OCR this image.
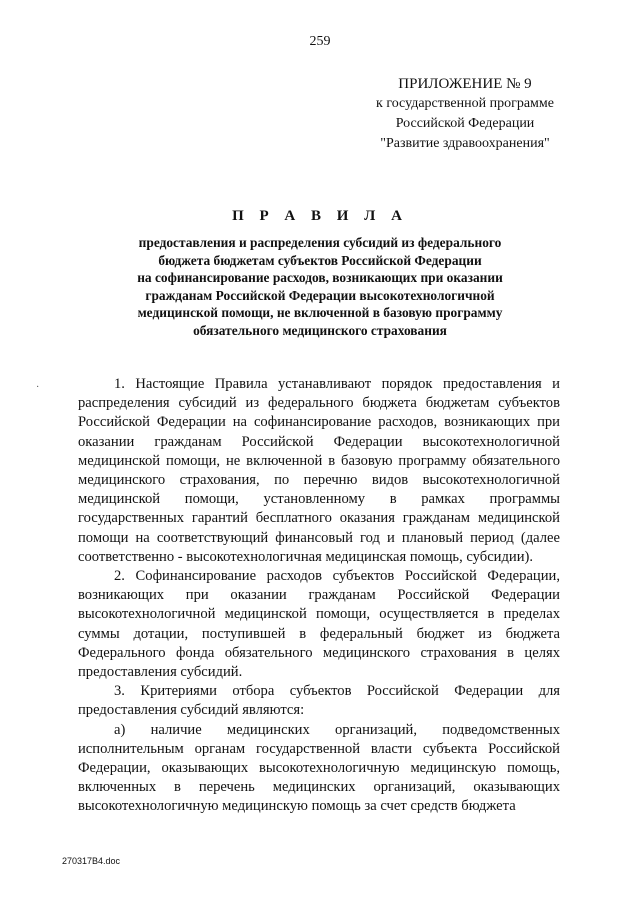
259
ПРИЛОЖЕНИЕ № 9
к государственной программе
Российской Федерации
"Развитие здравоохранения"
П Р А В И Л А
предоставления и распределения субсидий из федерального
бюджета бюджетам субъектов Российской Федерации
на софинансирование расходов, возникающих при оказании
гражданам Российской Федерации высокотехнологичной
медицинской помощи, не включенной в базовую программу
обязательного медицинского страхования
·	1. Настоящие Правила устанавливают порядок предоставления и распределения субсидий из федерального бюджета бюджетам субъектов Российской Федерации на софинансирование расходов, возникающих при оказании гражданам Российской Федерации высокотехнологичной медицинской помощи, не включенной в базовую программу обязательного медицинского страхования, по перечню видов высокотехнологичной медицинской помощи, установленному в рамках программы государственных гарантий бесплатного оказания гражданам медицинской помощи на соответствующий финансовый год и плановый период (далее соответственно - высокотехнологичная медицинская помощь, субсидии).

2. Софинансирование расходов субъектов Российской Федерации, возникающих при оказании гражданам Российской Федерации высокотехнологичной медицинской помощи, осуществляется в пределах суммы дотации, поступившей в федеральный бюджет из бюджета Федерального фонда обязательного медицинского страхования в целях предоставления субсидий.

3. Критериями отбора субъектов Российской Федерации для предоставления субсидий являются:

а) наличие медицинских организаций, подведомственных исполнительным органам государственной власти субъекта Российской Федерации, оказывающих высокотехнологичную медицинскую помощь, включенных в перечень медицинских организаций, оказывающих высокотехнологичную медицинскую помощь за счет средств бюджета

270317B4.doc
